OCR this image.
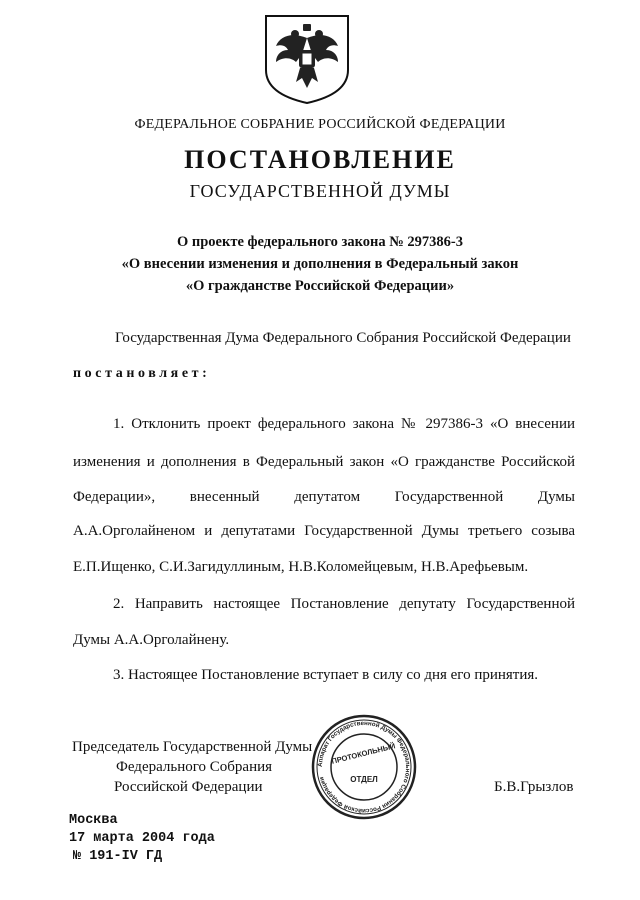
ФЕДЕРАЛЬНОЕ СОБРАНИЕ РОССИЙСКОЙ ФЕДЕРАЦИИ
ПОСТАНОВЛЕНИЕ
ГОСУДАРСТВЕННОЙ ДУМЫ
О проекте федерального закона № 297386-3
«О внесении изменения и дополнения в Федеральный закон
«О гражданстве Российской Федерации»
Государственная Дума Федерального Собрания Российской Федерации
постановляет:
1. Отклонить проект федерального закона № 297386-3 «О внесении
изменения и дополнения в Федеральный закон «О гражданстве Российской
Федерации», внесенный депутатом Государственной Думы
А.А.Орголайненом и депутатами Государственной Думы третьего созыва
Е.П.Ищенко, С.И.Загидуллиным, Н.В.Коломейцевым, Н.В.Арефьевым.
2. Направить настоящее Постановление депутату Государственной
Думы А.А.Орголайнену.
3. Настоящее Постановление вступает в силу со дня его принятия.
Председатель Государственной Думы
Федерального Собрания
Российской Федерации	Б.В.Грызлов
Аппарат Государственной Думы Федерального Собрания Российской Федерации
ПРОТОКОЛЬНЫЙ
ОТДЕЛ
Москва
17 марта 2004 года
№ 191-IV ГД
